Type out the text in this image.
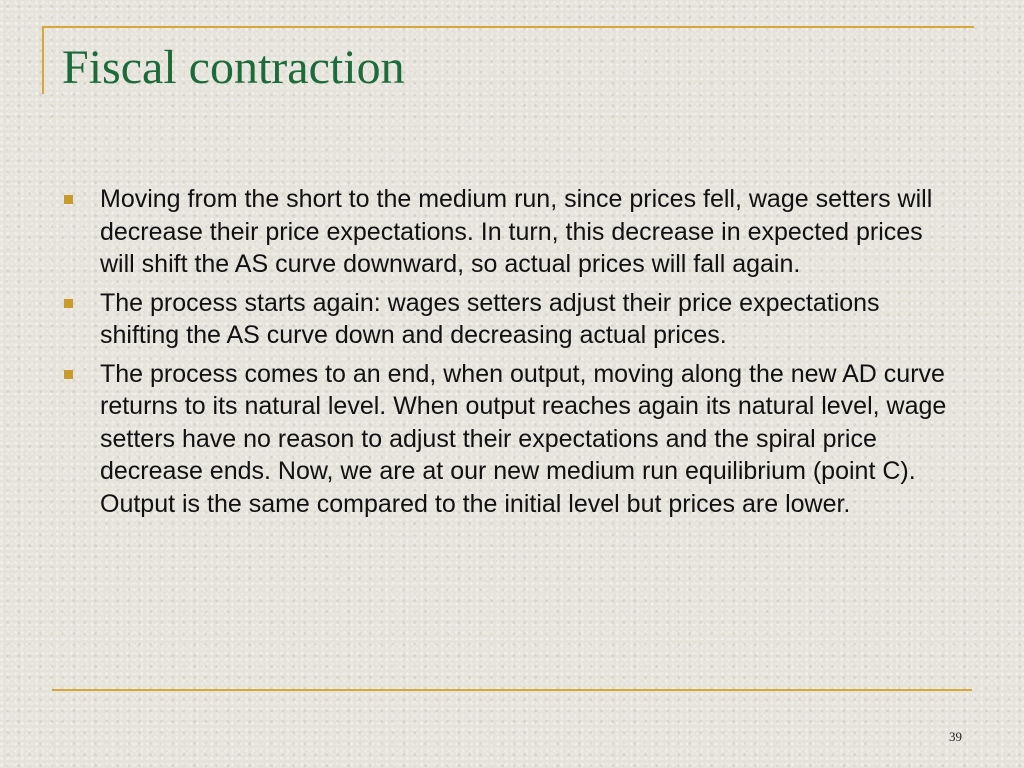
Fiscal contraction
Moving from the short to the medium run, since prices fell, wage setters will decrease their price expectations. In turn, this decrease in expected prices will shift the AS curve downward, so actual prices will fall again.
The process starts again: wages setters adjust their price expectations shifting the AS curve down and decreasing actual prices.
The process comes to an end, when output, moving along the new AD curve returns to its natural level. When output reaches again its natural level, wage setters have no reason to adjust their expectations and the spiral price decrease ends. Now, we are at our new medium run equilibrium (point C). Output is the same compared to the initial level but prices are lower.
39
